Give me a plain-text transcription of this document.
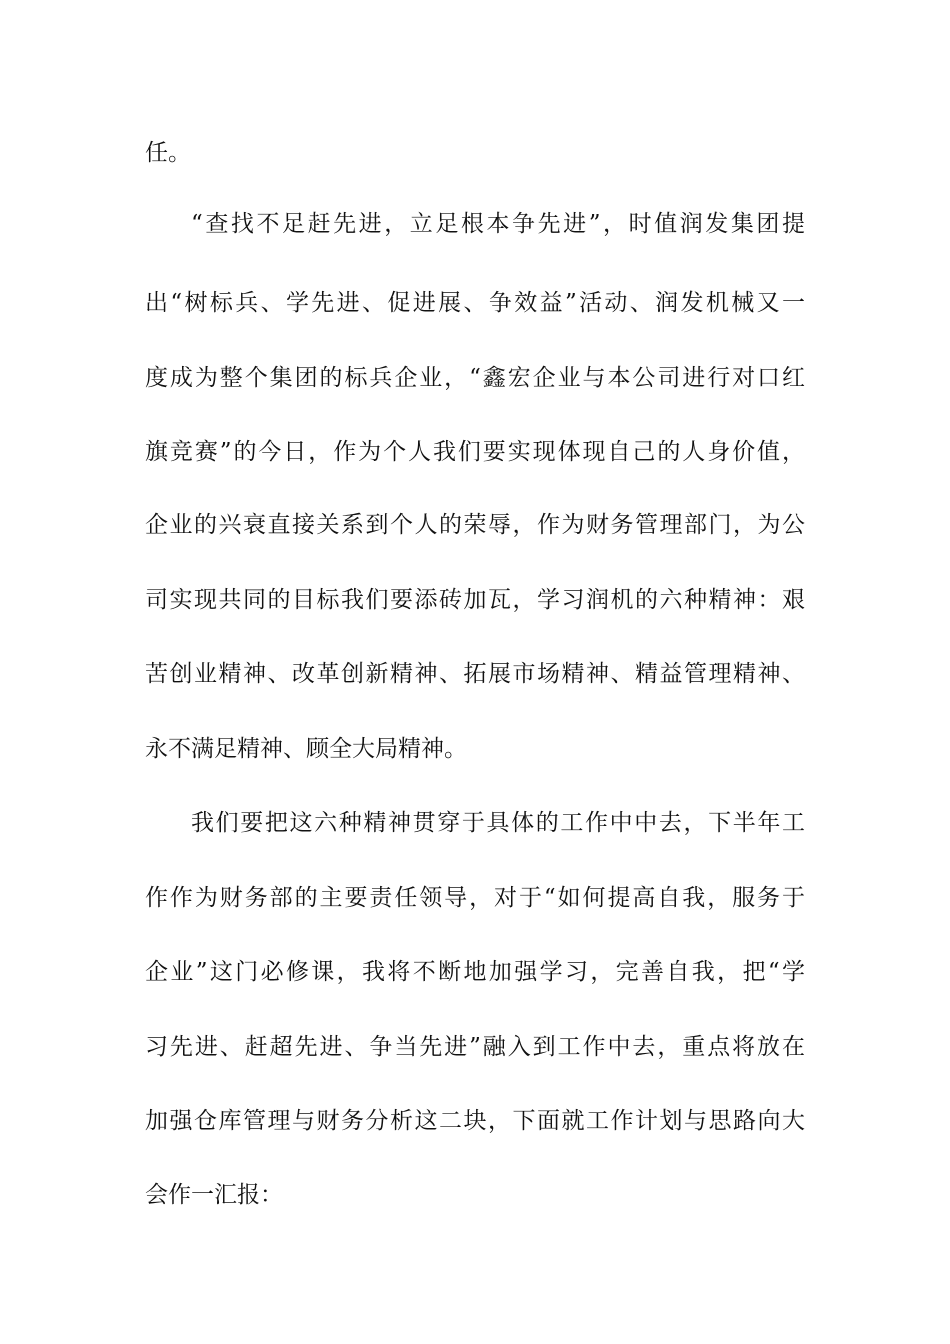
任。
“查找不足赶先进，立足根本争先进”，时值润发集团提
出“树标兵、学先进、促进展、争效益”活动、润发机械又一
度成为整个集团的标兵企业，“鑫宏企业与本公司进行对口红
旗竞赛”的今日，作为个人我们要实现体现自己的人身价值，
企业的兴衰直接关系到个人的荣辱，作为财务管理部门，为公
司实现共同的目标我们要添砖加瓦，学习润机的六种精神：艰
苦创业精神、改革创新精神、拓展市场精神、精益管理精神、
永不满足精神、顾全大局精神。
我们要把这六种精神贯穿于具体的工作中中去，下半年工
作作为财务部的主要责任领导，对于“如何提高自我，服务于
企业”这门必修课，我将不断地加强学习，完善自我，把“学
习先进、赶超先进、争当先进”融入到工作中去，重点将放在
加强仓库管理与财务分析这二块，下面就工作计划与思路向大
会作一汇报：
